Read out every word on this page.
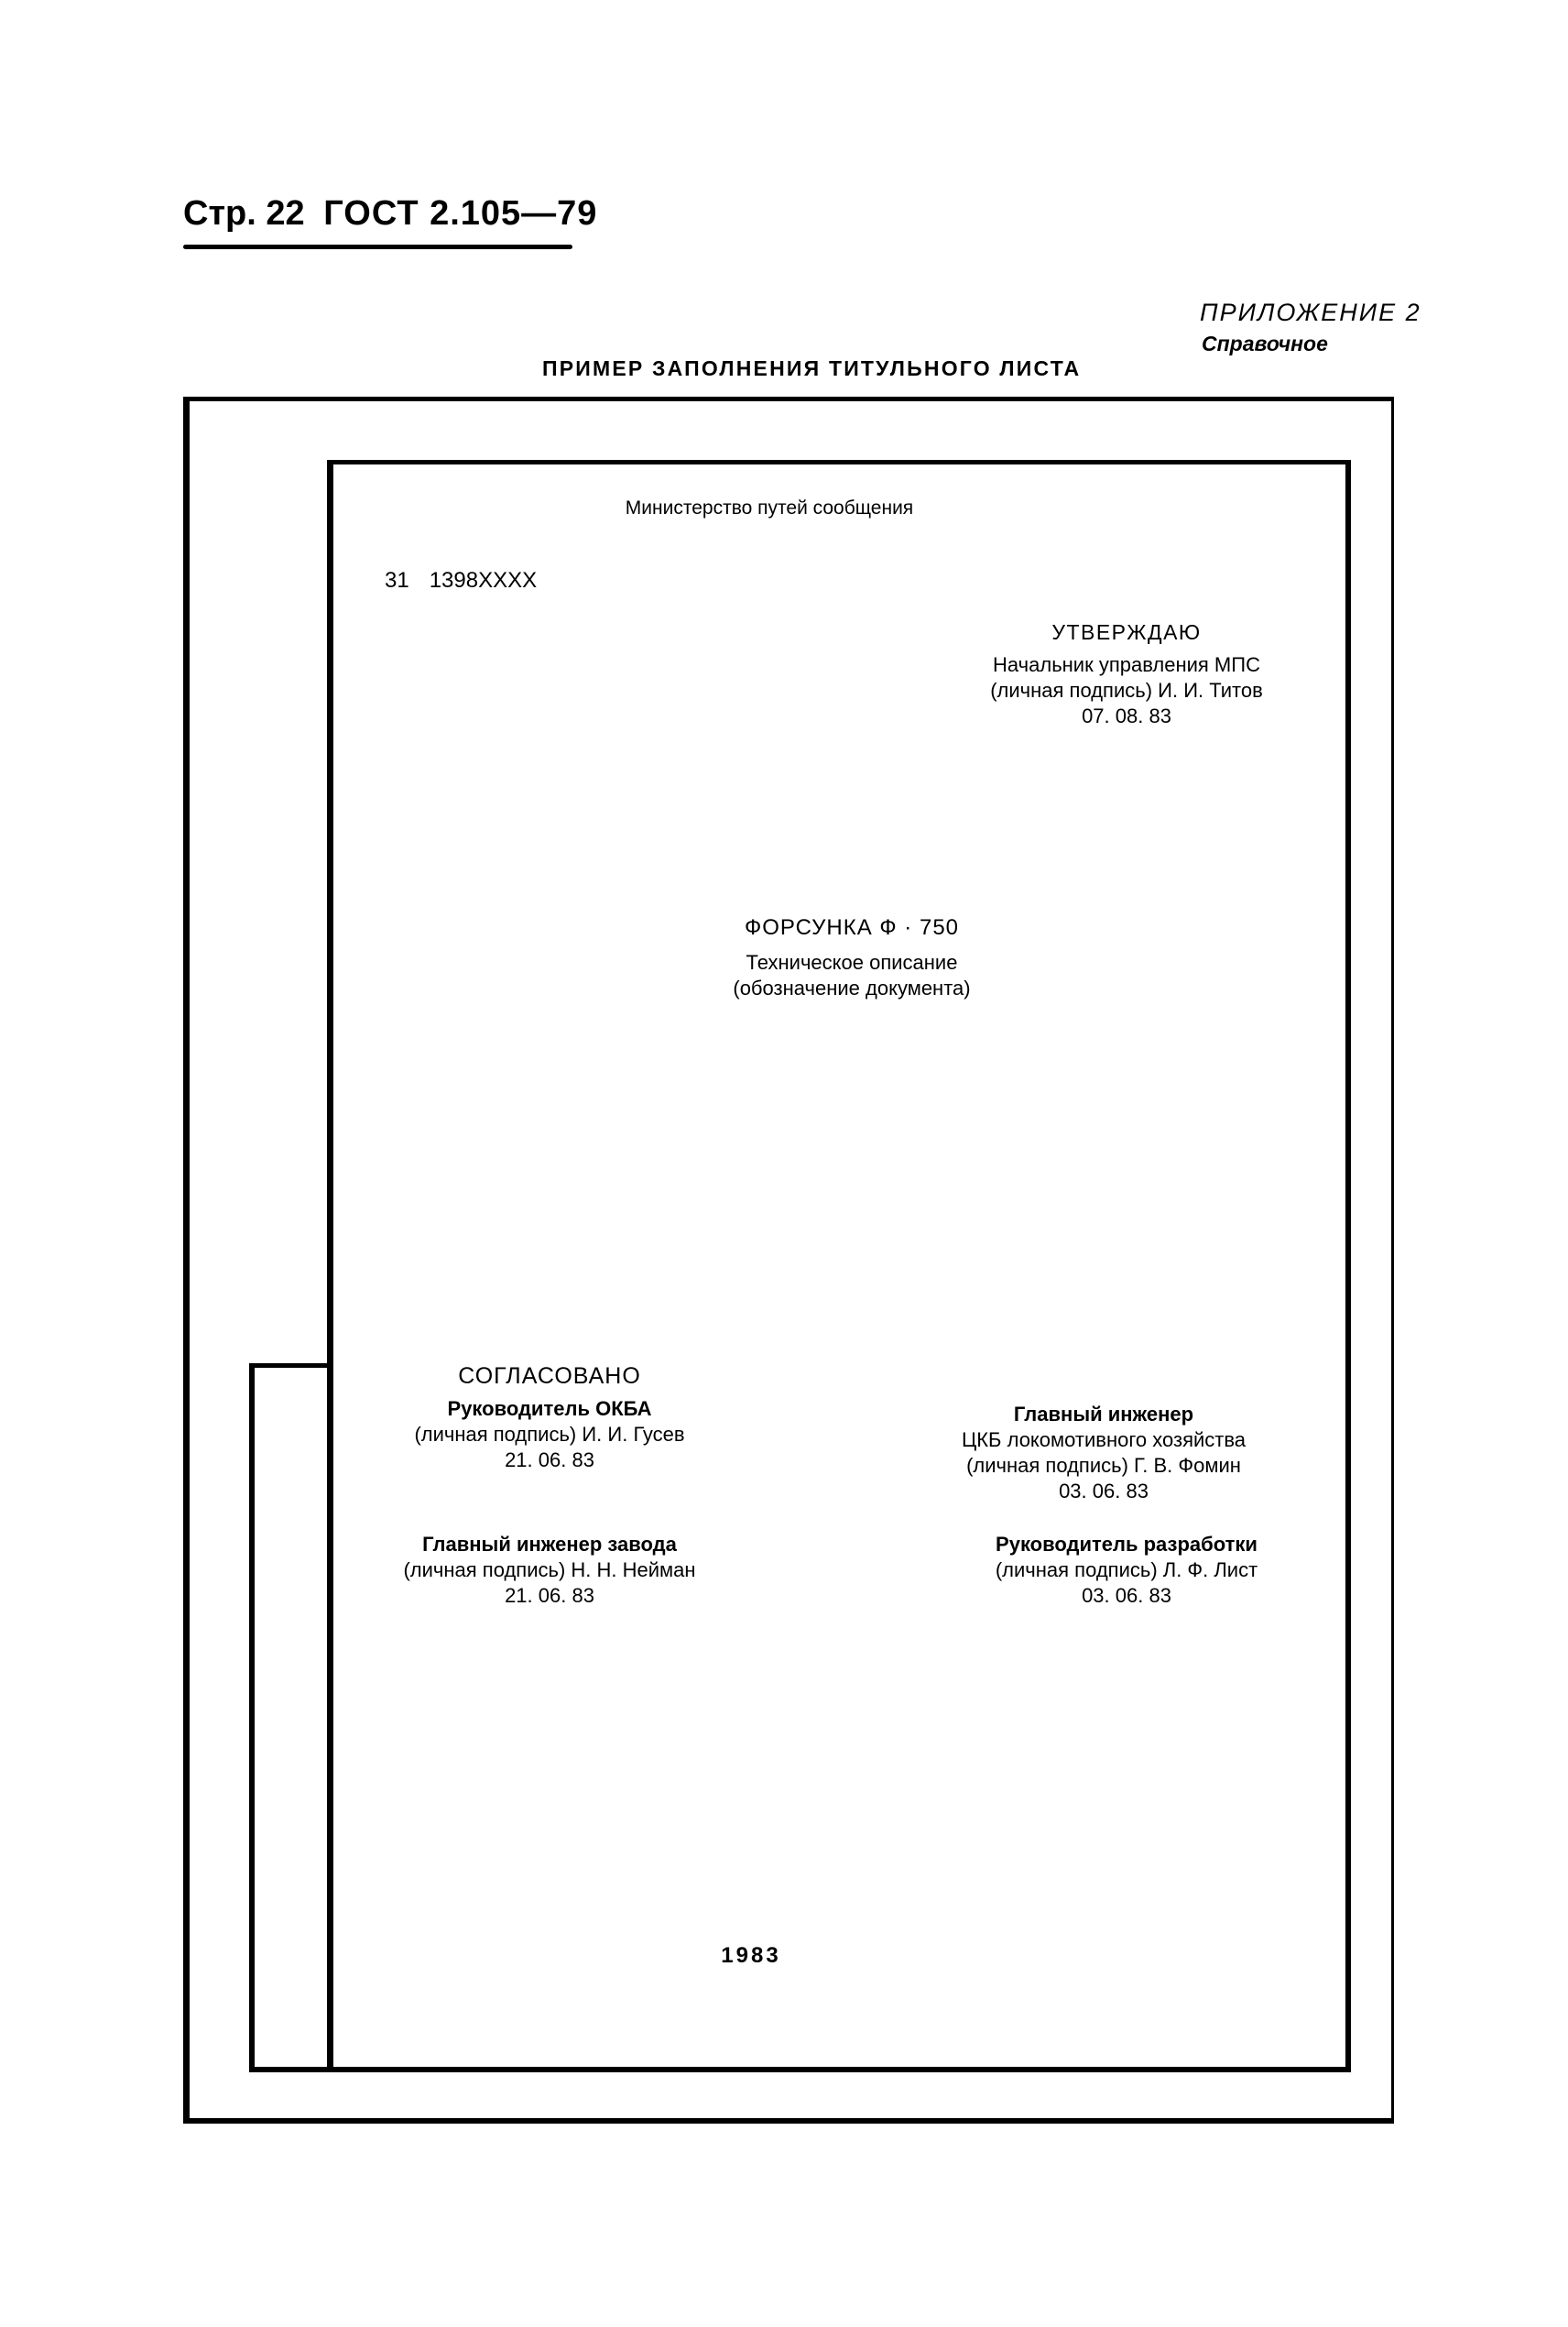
Стр. 22 ГОСТ 2.105—79
ПРИЛОЖЕНИЕ 2
Справочное
ПРИМЕР ЗАПОЛНЕНИЯ ТИТУЛЬНОГО ЛИСТА
Министерство путей сообщения
31 1398XXXX
УТВЕРЖДАЮ
Начальник управления МПС
(личная подпись) И. И. Титов
07. 08. 83
ФОРСУНКА Ф · 750
Техническое описание
(обозначение документа)
СОГЛАСОВАНО
Руководитель ОКБА
(личная подпись) И. И. Гусев
21. 06. 83
Главный инженер завода
(личная подпись) Н. Н. Нейман
21. 06. 83
Главный инженер
ЦКБ локомотивного хозяйства
(личная подпись) Г. В. Фомин
03. 06. 83
Руководитель разработки
(личная подпись) Л. Ф. Лист
03. 06. 83
1983
